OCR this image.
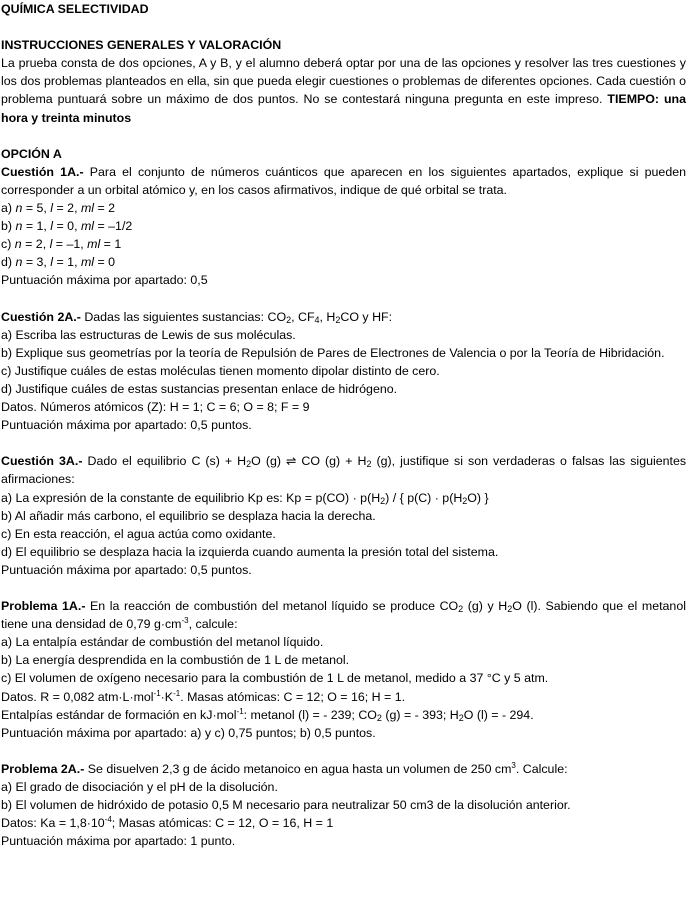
QUÍMICA SELECTIVIDAD

INSTRUCCIONES GENERALES Y VALORACIÓN

La prueba consta de dos opciones, A y B, y el alumno deberá optar por una de las opciones y resolver las tres cuestiones y los dos problemas planteados en ella, sin que pueda elegir cuestiones o problemas de diferentes opciones. Cada cuestión o problema puntuará sobre un máximo de dos puntos. No se contestará ninguna pregunta en este impreso. TIEMPO: una hora y treinta minutos

OPCIÓN A

Cuestión 1A.- Para el conjunto de números cuánticos que aparecen en los siguientes apartados, explique si pueden corresponder a un orbital atómico y, en los casos afirmativos, indique de qué orbital se trata.

a) n = 5, l = 2, ml = 2

b) n = 1, l = 0, ml = –1/2

c) n = 2, l = –1, ml = 1

d) n = 3, l = 1, ml = 0

Puntuación máxima por apartado: 0,5

Cuestión 2A.- Dadas las siguientes sustancias: $CO_2$, $CF_4$, $H_2CO$ y HF:

a) Escriba las estructuras de Lewis de sus moléculas.

b) Explique sus geometrías por la teoría de Repulsión de Pares de Electrones de Valencia o por la Teoría de Hibridación.

c) Justifique cuáles de estas moléculas tienen momento dipolar distinto de cero.

d) Justifique cuáles de estas sustancias presentan enlace de hidrógeno.

Datos. Números atómicos (Z): H = 1; C = 6; O = 8; F = 9

Puntuación máxima por apartado: 0,5 puntos.

Cuestión 3A.- Dado el equilibrio C $(s) + H_2O$ (g) ⇌ CO $(g) + H_2$ (g), justifique si son verdaderas o falsas las siguientes afirmaciones:

a) La expresión de la constante de equilibrio Kp es: $Kp = p(CO) \cdot p(H_2)$ / { $p(C) \cdot p(H_2O)$ }

b) Al añadir más carbono, el equilibrio se desplaza hacia la derecha.

c) En esta reacción, el agua actúa como oxidante.

d) El equilibrio se desplaza hacia la izquierda cuando aumenta la presión total del sistema.

Puntuación máxima por apartado: 0,5 puntos.

Problema 1A.- En la reacción de combustión del metanol líquido se produce $CO_2$ (g) y $H_2O$ (l). Sabiendo que el metanol tiene una densidad de 0,79 $g\cdot cm^{-3}$, calcule:

a) La entalpía estándar de combustión del metanol líquido.

b) La energía desprendida en la combustión de 1 L de metanol.

c) El volumen de oxígeno necesario para la combustión de 1 L de metanol, medido a 37 °C y 5 atm.

Datos. R = 0,082 $atm\cdot L\cdot mol^{-1}\cdot K^{-1}$. Masas atómicas: C = 12; O = 16; H = 1.

Entalpías estándar de formación en kJ·mol$^{-1}$: metanol (l) = - 239; $CO_2$ (g) = - 393; $H_2O$ (l) = - 294.

Puntuación máxima por apartado: a) y c) 0,75 puntos; b) 0,5 puntos.

Problema 2A.- Se disuelven 2,3 g de ácido metanoico en agua hasta un volumen de 250 $cm^3$. Calcule:

a) El grado de disociación y el pH de la disolución.

b) El volumen de hidróxido de potasio 0,5 M necesario para neutralizar 50 cm3 de la disolución anterior.

Datos: $Ka = 1,8\cdot 10^{-4}$; Masas atómicas: C = 12, O = 16, H = 1

Puntuación máxima por apartado: 1 punto.
